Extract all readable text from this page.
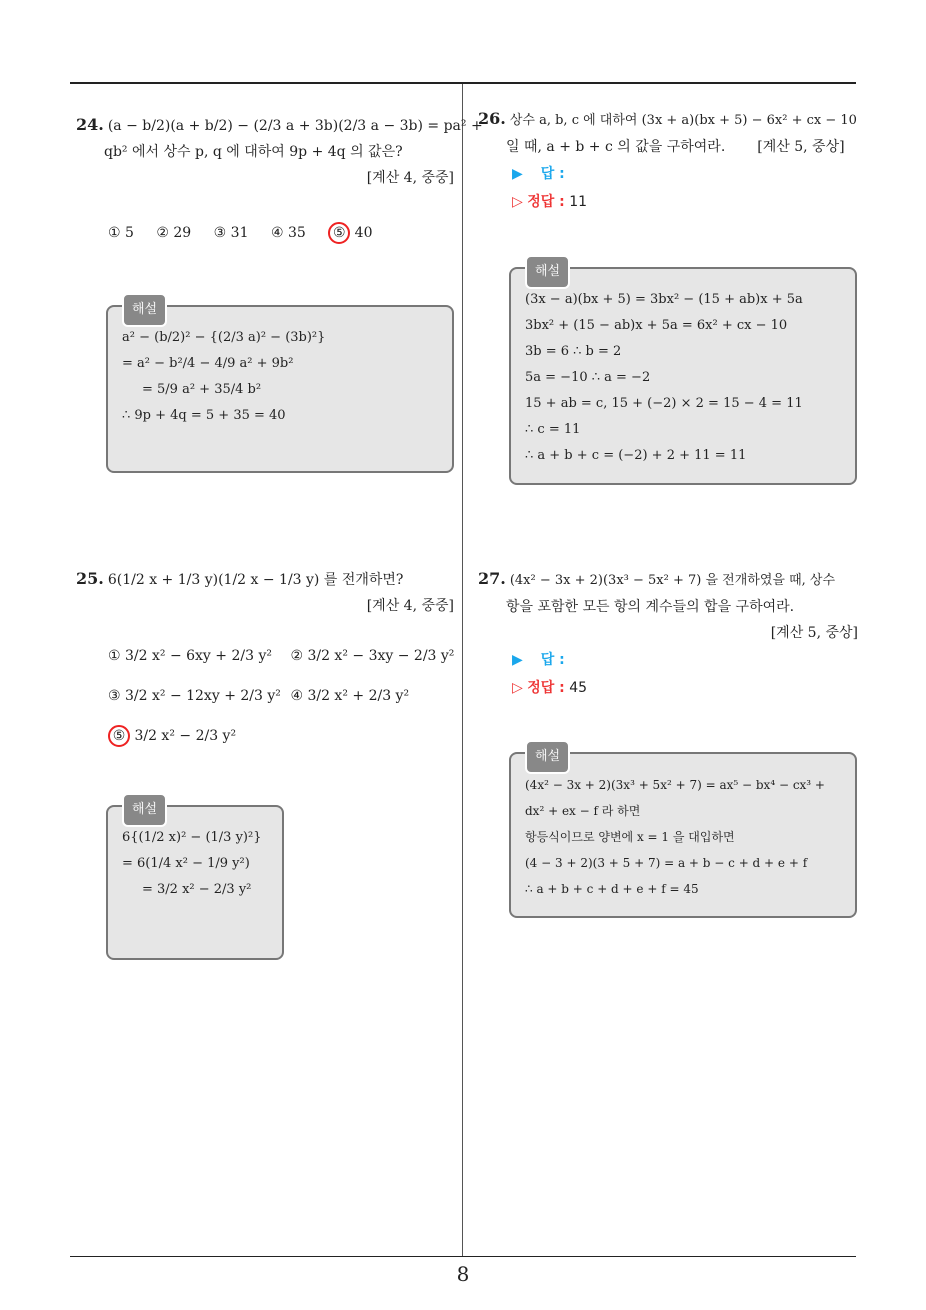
24. (a − b/2)(a + b/2) − (2/3 a + 3b)(2/3 a − 3b) = pa² +
qb² 에서 상수 p, q 에 대하여 9p + 4q 의 값은?
[계산 4, 중중]
① 5 ② 29 ③ 31 ④ 35 ⑤ 40
해설
a² − (b/2)² − {(2/3 a)² − (3b)²}
= a² − b²/4 − 4/9 a² + 9b²
= 5/9 a² + 35/4 b²
∴ 9p + 4q = 5 + 35 = 40
25. 6(1/2 x + 1/3 y)(1/2 x − 1/3 y) 를 전개하면?
[계산 4, 중중]
① 3/2 x² − 6xy + 2/3 y² ② 3/2 x² − 3xy − 2/3 y²
③ 3/2 x² − 12xy + 2/3 y² ④ 3/2 x² + 2/3 y²
⑤ 3/2 x² − 2/3 y²
해설
6{(1/2 x)² − (1/3 y)²}
= 6(1/4 x² − 1/9 y²)
= 3/2 x² − 2/3 y²
26. 상수 a, b, c 에 대하여 (3x + a)(bx + 5) − 6x² + cx − 10
일 때, a + b + c 의 값을 구하여라. [계산 5, 중상]
▶ 답 :
▷ 정답 : 11
해설
(3x − a)(bx + 5) = 3bx² − (15 + ab)x + 5a
3bx² + (15 − ab)x + 5a = 6x² + cx − 10
3b = 6 ∴ b = 2
5a = −10 ∴ a = −2
15 + ab = c, 15 + (−2) × 2 = 15 − 4 = 11
∴ c = 11
∴ a + b + c = (−2) + 2 + 11 = 11
27. (4x² − 3x + 2)(3x³ − 5x² + 7) 을 전개하였을 때, 상수
항을 포함한 모든 항의 계수들의 합을 구하여라.
[계산 5, 중상]
▶ 답 :
▷ 정답 : 45
해설
(4x² − 3x + 2)(3x³ + 5x² + 7) = ax⁵ − bx⁴ − cx³ +
dx² + ex − f 라 하면
항등식이므로 양변에 x = 1 을 대입하면
(4 − 3 + 2)(3 + 5 + 7) = a + b − c + d + e + f
∴ a + b + c + d + e + f = 45
8
